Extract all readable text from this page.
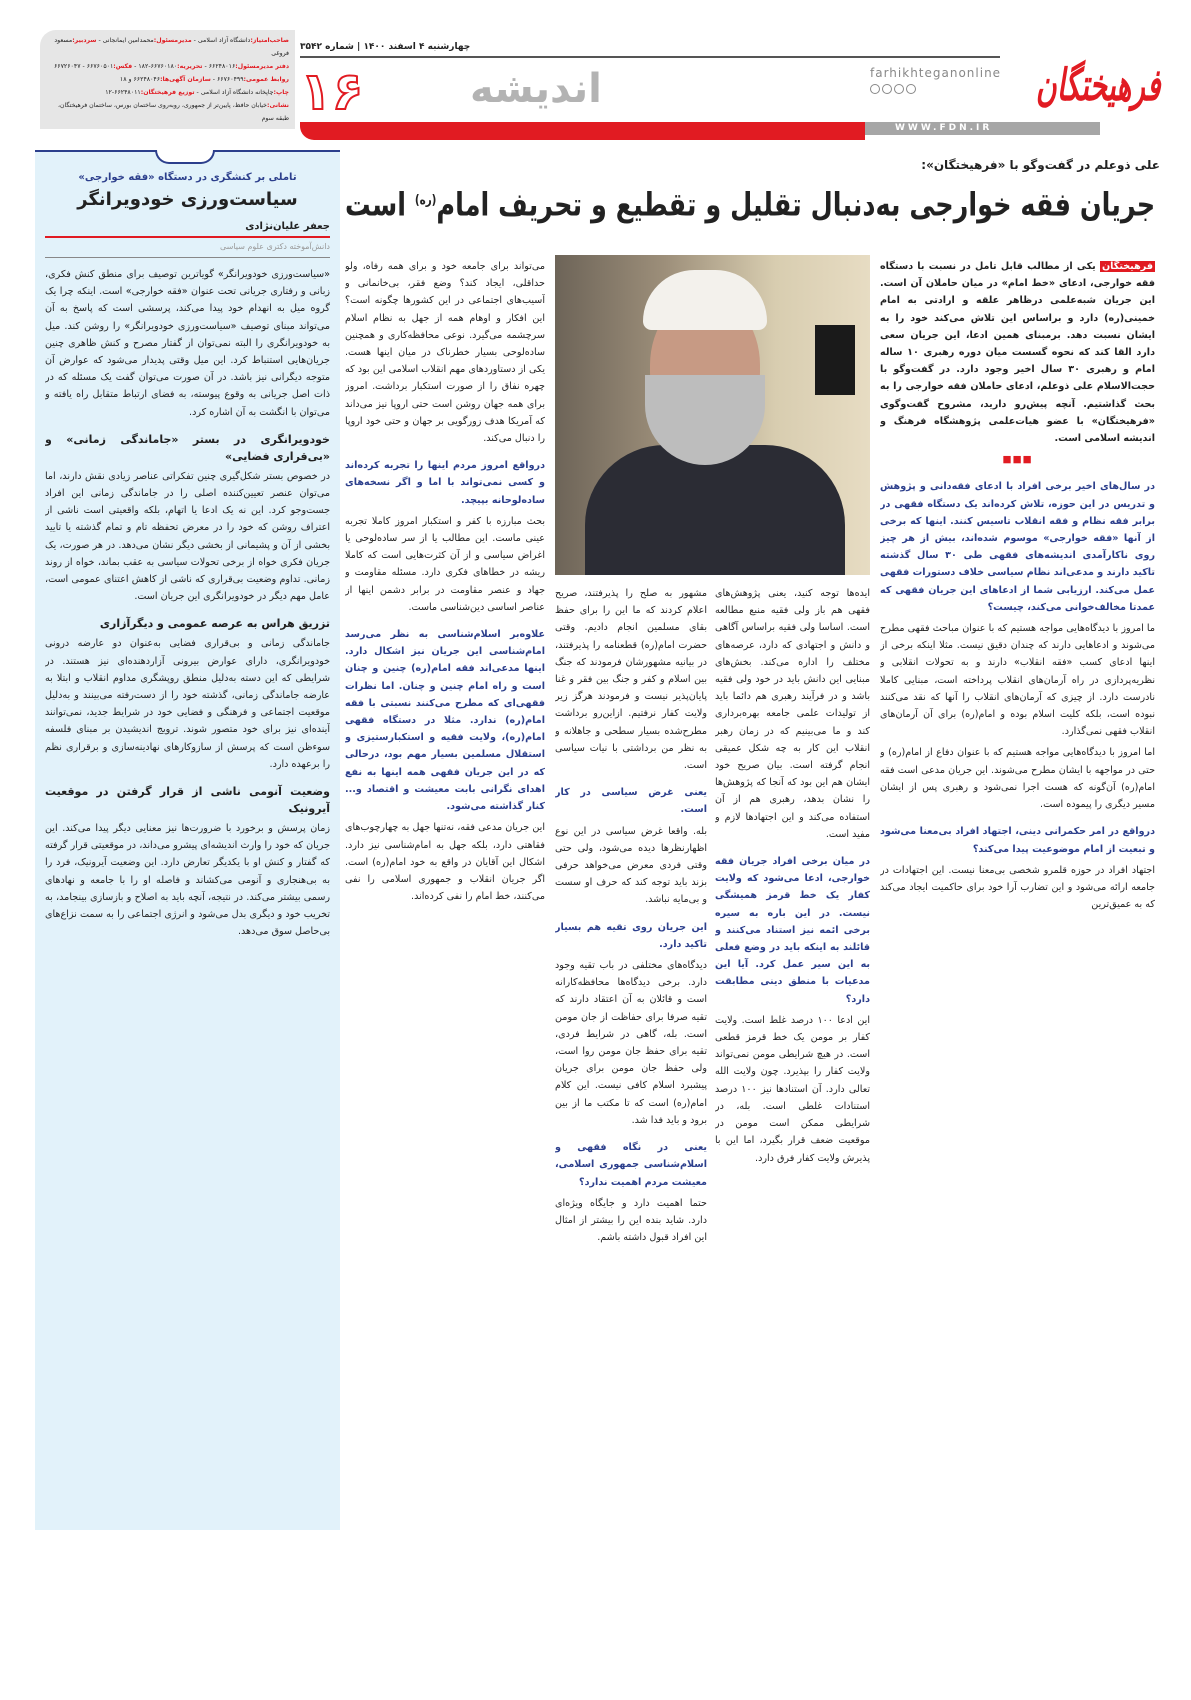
چهارشنبه ۴ اسفند ۱۴۰۰ | شماره ۳۵۴۲
۱۶	اندیشه
WWW.FDN.IR
farhikhteganonline فرهیختگان
صاحب‌امتیاز:دانشگاه آزاد اسلامی - مدیرمسئول:محمدامین ایمانجانی - سردبیر:مسعود فروغی
دفتر مدیرمسئول:۶۶۲۴۸۰۱۶ - تحریریه:۶۶۷۶۰۱۸۰-۱۸۲ - فکس:۶۶۷۶۰۵۰۱ - ۶۶۷۲۶۰۴۷
روابط عمومی:۶۶۷۶۰۴۹۹ - سازمان آگهی‌ها:۶۶۲۴۸۰۴۶ و ۱۸
چاپ:چاپخانه دانشگاه آزاد اسلامی - توزیع فرهیختگان:۶۶۲۴۸۰۱۱-۱۲
نشانی:خیابان حافظ، پایین‌تر از جمهوری، روبه‌روی ساختمان بورس، ساختمان فرهیختگان، طبقه سوم
علی ذوعلم در گفت‌وگو با «فرهیختگان»:
جریان فقه خوارجی به‌دنبال تقلیل و تقطیع و تحریف امام$^{(ره)}$ است

فرهیختگان یکی از مطالب قابل تامل در نسبت با دستگاه فقه خوارجی، ادعای «خط امام» در میان حاملان آن است. این جریان شبه‌علمی درظاهر علقه و ارادتی به امام خمینی(ره) دارد و براساس این تلاش می‌کند خود را به ایشان نسبت دهد. برمبنای همین ادعا، این جریان سعی دارد القا کند که نحوه گسست میان دوره رهبری ۱۰ ساله امام و رهبری ۳۰ سال اخیر وجود دارد. در گفت‌وگو با حجت‌الاسلام علی ذوعلم، ادعای حاملان فقه خوارجی را به بحث گذاشتیم. آنچه پیش‌رو دارید، مشروح گفت‌وگوی «فرهیختگان» با عضو هیات‌علمی پژوهشگاه فرهنگ و اندیشه اسلامی است.

■■■
در سال‌های اخیر برخی افراد با ادعای فقه‌دانی و پژوهش و تدریس در این حوزه، تلاش کرده‌اند یک دستگاه فقهی در برابر فقه نظام و فقه انقلاب تاسیس کنند. اینها که برخی از آنها «فقه خوارجی» موسوم شده‌اند، بیش از هر چیز روی ناکارآمدی اندیشه‌های فقهی طی ۳۰ سال گذشته تاکید دارند و مدعی‌اند نظام سیاسی خلاف دستورات فقهی عمل می‌کند. ارزیابی شما از ادعاهای این جریان فقهی که عمدتا مخالف‌خوانی می‌کند، چیست؟

ما امروز با دیدگاه‌هایی مواجه هستیم که با عنوان مباحث فقهی مطرح می‌شوند و ادعاهایی دارند که چندان دقیق نیست. مثلا اینکه برخی از اینها ادعای کسب «فقه انقلاب» دارند و به تحولات انقلابی و نظریه‌پردازی در راه آرمان‌های انقلاب پرداخته است، مبنایی کاملا نادرست دارد. از چیزی که آرمان‌های انقلاب را آنها که نقد می‌کنند نبوده است، بلکه کلیت اسلام بوده و امام(ره) برای آن آرمان‌های انقلاب فقهی نمی‌گذارد.

اما امروز با دیدگاه‌هایی مواجه هستیم که با عنوان دفاع از امام(ره) و حتی در مواجهه با ایشان مطرح می‌شوند. این جریان مدعی است فقه امام(ره) آن‌گونه که هست اجرا نمی‌شود و رهبری پس از ایشان مسیر دیگری را پیموده است.

درواقع در امر حکمرانی دینی، اجتهاد افراد بی‌معنا می‌شود و تبعیت از امام موضوعیت پیدا می‌کند؟

اجتهاد افراد در حوزه قلمرو شخصی بی‌معنا نیست. این اجتهادات در جامعه ارائه می‌شود و این تضارب آرا خود برای حاکمیت ایجاد می‌کند که به عمیق‌ترین

ایده‌ها توجه کنید، یعنی پژوهش‌های فقهی هم باز ولی فقیه منبع مطالعه است. اساسا ولی فقیه براساس آگاهی و دانش و اجتهادی که دارد، عرصه‌های مختلف را اداره می‌کند. بخش‌های مبنایی این دانش باید در خود ولی فقیه باشد و در فرآیند رهبری هم دائما باید از تولیدات علمی جامعه بهره‌برداری کند و ما می‌بینیم که در زمان رهبر انقلاب این کار به چه شکل عمیقی انجام گرفته است. بیان صریح خود ایشان هم این بود که آنجا که پژوهش‌ها را نشان بدهد، رهبری هم از آن استفاده می‌کند و این اجتهادها لازم و مفید است.

در میان برخی افراد جریان فقه خوارجی، ادعا می‌شود که ولایت کفار یک خط قرمز همیشگی نیست. در این باره به سیره برخی ائمه نیز استناد می‌کنند و قائلند به اینکه باید در وضع فعلی به این سیر عمل کرد. آیا این مدعیات با منطق دینی مطابقت دارد؟

این ادعا ۱۰۰ درصد غلط است. ولایت کفار بر مومن یک خط قرمز قطعی است. در هیچ شرایطی مومن نمی‌تواند ولایت کفار را بپذیرد. چون ولایت الله تعالی دارد. آن استنادها نیز ۱۰۰ درصد استنادات غلطی است. بله، در شرایطی ممکن است مومن در موقعیت ضعف قرار بگیرد، اما این با پذیرش ولایت کفار فرق دارد.

مشهور به صلح را پذیرفتند، صریح اعلام کردند که ما این را برای حفظ بقای مسلمین انجام دادیم. وقتی حضرت امام(ره) قطعنامه را پذیرفتند، در بیانیه مشهورشان فرمودند که جنگ بین اسلام و کفر و جنگ بین فقر و غنا پایان‌پذیر نیست و فرمودند هرگز زیر ولایت کفار نرفتیم. ازاین‌رو برداشت مطرح‌شده بسیار سطحی و جاهلانه و به نظر من برداشتی با نیات سیاسی است.

یعنی غرض سیاسی در کار است.

بله. واقعا غرض سیاسی در این نوع اظهارنظرها دیده می‌شود، ولی حتی وقتی فردی معرض می‌خواهد حرفی بزند باید توجه کند که حرف او سست و بی‌مایه نباشد.

این جریان روی تقیه هم بسیار تاکید دارد.

دیدگاه‌های مختلفی در باب تقیه وجود دارد. برخی دیدگاه‌ها محافظه‌کارانه است و قائلان به آن اعتقاد دارند که تقیه صرفا برای حفاظت از جان مومن است. بله، گاهی در شرایط فردی، تقیه برای حفظ جان مومن روا است، ولی حفظ جان مومن برای جریان پیشبرد اسلام کافی نیست. این کلام امام(ره) است که تا مکتب ما از بین برود و باید فدا شد.

یعنی در نگاه فقهی و اسلام‌شناسی جمهوری اسلامی، معیشت مردم اهمیت ندارد؟

حتما اهمیت دارد و جایگاه ویژه‌ای دارد. شاید بنده این را بیشتر از امثال این افراد قبول داشته باشم.

می‌تواند برای جامعه خود و برای همه رفاه، ولو حداقلی، ایجاد کند؟ وضع فقر، بی‌خانمانی و آسیب‌های اجتماعی در این کشورها چگونه است؟ این افکار و اوهام همه از جهل به نظام اسلام سرچشمه می‌گیرد. نوعی محافظه‌کاری و همچنین ساده‌لوحی بسیار خطرناک در میان اینها هست. یکی از دستاوردهای مهم انقلاب اسلامی این بود که چهره نفاق را از صورت استکبار برداشت. امروز برای همه جهان روشن است حتی اروپا نیز می‌داند که آمریکا هدف زورگویی بر جهان و حتی خود اروپا را دنبال می‌کند.

درواقع امروز مردم اینها را تجربه کرده‌اند و کسی نمی‌تواند با اما و اگر نسخه‌های ساده‌لوحانه بپیچد.

بحث مبارزه با کفر و استکبار امروز کاملا تجربه عینی ماست. این مطالب یا از سر ساده‌لوحی یا اغراض سیاسی و از آن کثرت‌هایی است که کاملا ریشه در خطاهای فکری دارد. مسئله مقاومت و جهاد و عنصر مقاومت در برابر دشمن اینها از عناصر اساسی دین‌شناسی ماست.

علاوه‌بر اسلام‌شناسی به نظر می‌رسد امام‌شناسی این جریان نیز اشکال دارد. اینها مدعی‌اند فقه امام(ره) چنین و چنان است و راه امام چنین و چنان. اما نظرات فقهی‌ای که مطرح می‌کنند نسبتی با فقه امام(ره) ندارد. مثلا در دستگاه فقهی امام(ره)، ولایت فقیه و استکبارستیزی و استقلال مسلمین بسیار مهم بود، درحالی که در این جریان فقهی همه اینها به نفع اهدای نگرانی بابت معیشت و اقتصاد و... کنار گذاشته می‌شود.

این جریان مدعی فقه، نه‌تنها جهل به چهارچوب‌های فقاهتی دارد، بلکه جهل به امام‌شناسی نیز دارد. اشکال این آقایان در واقع به خود امام(ره) است. اگر جریان انقلاب و جمهوری اسلامی را نفی می‌کنند، خط امام را نفی کرده‌اند.

تاملی بر کنشگری در دستگاه «فقه خوارجی»
سیاست‌ورزی خودویرانگر
جعفر علیان‌نژادی
دانش‌آموخته دکتری علوم سیاسی

«سیاست‌ورزی خودویرانگر» گویاترین توصیف برای منطق کنش فکری، زبانی و رفتاری جریانی تحت عنوان «فقه خوارجی» است. اینکه چرا یک گروه میل به انهدام خود پیدا می‌کند، پرسشی است که پاسخ به آن می‌تواند مبنای توصیف «سیاست‌ورزی خودویرانگر» را روشن کند. میل به خودویرانگری را البته نمی‌توان از گفتار مصرح و کنش ظاهری چنین جریان‌هایی استنباط کرد. این میل وقتی پدیدار می‌شود که عوارض آن متوجه دیگرانی نیز باشد. در آن صورت می‌توان گفت یک مسئله که در ذات اصل جریانی به وقوع پیوسته، به فضای ارتباط متقابل راه یافته و می‌توان با انگشت به آن اشاره کرد.

خودویرانگری در بستر «جاماندگی زمانی» و «بی‌قراری فضایی»

در خصوص بستر شکل‌گیری چنین تفکراتی عناصر زیادی نقش دارند، اما می‌توان عنصر تعیین‌کننده اصلی را در جاماندگی زمانی این افراد جست‌وجو کرد. این نه یک ادعا یا اتهام، بلکه واقعیتی است ناشی از اعتراف روشن که خود را در معرض تحفظه تام و تمام گذشته یا تایید بخشی از آن و پشیمانی از بخشی دیگر نشان می‌دهد. در هر صورت، یک جریان فکری خواه از برخی تحولات سیاسی به عقب بماند، خواه از روند زمانی. تداوم وضعیت بی‌قراری که ناشی از کاهش اعتنای عمومی است، عامل مهم دیگر در خودویرانگری این جریان است.

تزریق هراس به عرصه عمومی و دیگرآزاری

جاماندگی زمانی و بی‌قراری فضایی به‌عنوان دو عارضه درونی خودویرانگری، دارای عوارض بیرونی آزاردهنده‌ای نیز هستند. در شرایطی که این دسته به‌دلیل منطق روپشگری مداوم انقلاب و ابتلا به عارضه جاماندگی زمانی، گذشته خود را از دست‌رفته می‌بینند و به‌دلیل موقعیت اجتماعی و فرهنگی و فضایی خود در شرایط جدید، نمی‌توانند آینده‌ای نیز برای خود متصور شوند. ترویج اندیشیدن بر مبنای فلسفه سوءظن است که پرسش از سازوکارهای نهادینه‌سازی و برقراری نظم را برعهده دارد.

وضعیت آنومی ناشی از قرار گرفتن در موقعیت آیرونیک

زمان پرسش و برخورد با ضرورت‌ها نیز معنایی دیگر پیدا می‌کند. این جریان که خود را وارث اندیشه‌ای پیشرو می‌داند، در موقعیتی قرار گرفته که گفتار و کنش او با یکدیگر تعارض دارد. این وضعیت آیرونیک، فرد را به بی‌هنجاری و آنومی می‌کشاند و فاصله او را با جامعه و نهادهای رسمی بیشتر می‌کند. در نتیجه، آنچه باید به اصلاح و بازسازی بینجامد، به تخریب خود و دیگری بدل می‌شود و انرژی اجتماعی را به سمت نزاع‌های بی‌حاصل سوق می‌دهد.
